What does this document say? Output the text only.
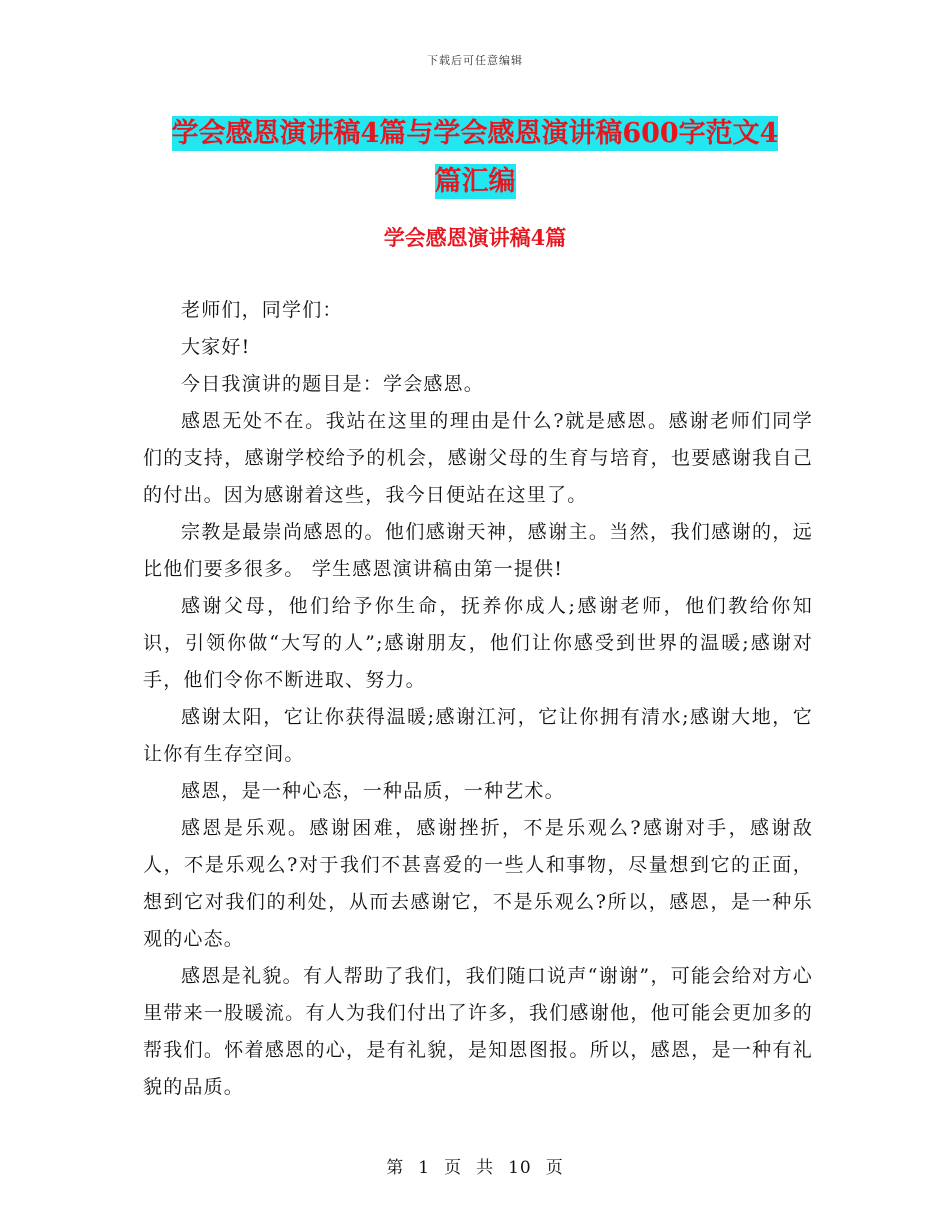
下载后可任意编辑
学会感恩演讲稿4篇与学会感恩演讲稿600字范文4
篇汇编
学会感恩演讲稿4篇

老师们，同学们：

大家好!

今日我演讲的题目是：学会感恩。

感恩无处不在。我站在这里的理由是什么?就是感恩。感谢老师们同学们的支持，感谢学校给予的机会，感谢父母的生育与培育，也要感谢我自己的付出。因为感谢着这些，我今日便站在这里了。

宗教是最崇尚感恩的。他们感谢天神，感谢主。当然，我们感谢的，远比他们要多很多。 学生感恩演讲稿由第一提供!

感谢父母，他们给予你生命，抚养你成人;感谢老师，他们教给你知识，引领你做“大写的人”;感谢朋友，他们让你感受到世界的温暖;感谢对手，他们令你不断进取、努力。

感谢太阳，它让你获得温暖;感谢江河，它让你拥有清水;感谢大地，它让你有生存空间。

感恩，是一种心态，一种品质，一种艺术。

感恩是乐观。感谢困难，感谢挫折，不是乐观么?感谢对手，感谢敌人，不是乐观么?对于我们不甚喜爱的一些人和事物，尽量想到它的正面，想到它对我们的利处，从而去感谢它，不是乐观么?所以，感恩，是一种乐观的心态。

感恩是礼貌。有人帮助了我们，我们随口说声“谢谢”，可能会给对方心里带来一股暖流。有人为我们付出了许多，我们感谢他，他可能会更加多的帮我们。怀着感恩的心，是有礼貌，是知恩图报。所以，感恩，是一种有礼貌的品质。

第 1 页 共 10 页
